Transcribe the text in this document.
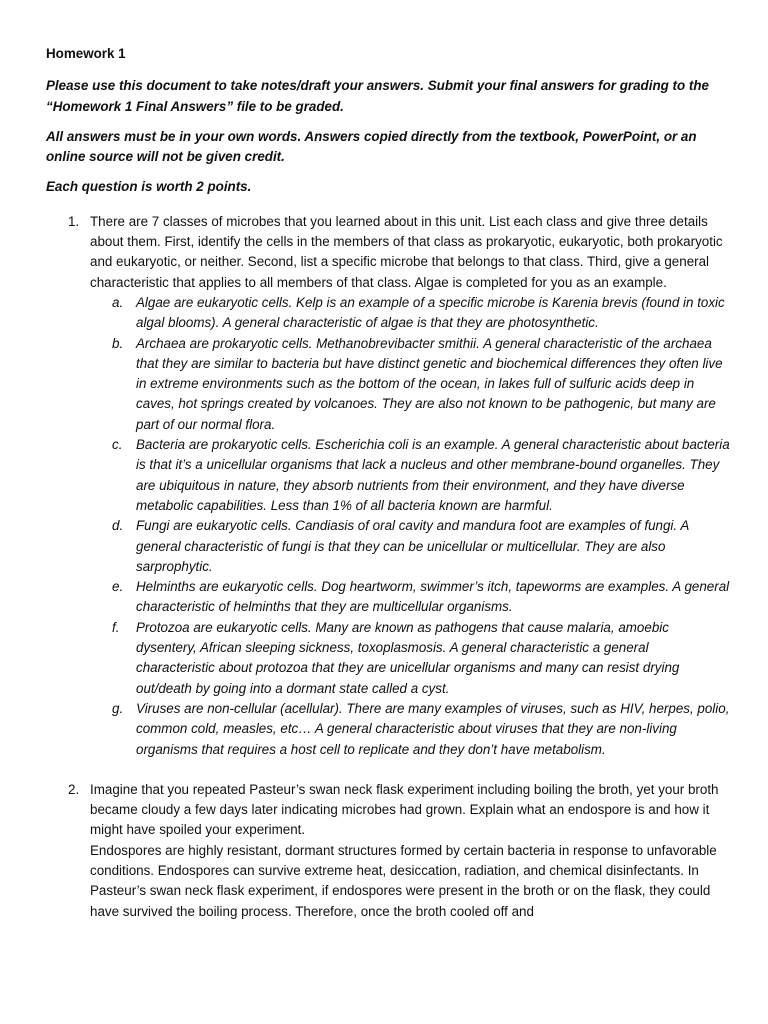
Homework 1

Please use this document to take notes/draft your answers. Submit your final answers for grading to the “Homework 1 Final Answers” file to be graded.

All answers must be in your own words. Answers copied directly from the textbook, PowerPoint, or an online source will not be given credit.

Each question is worth 2 points.

1. There are 7 classes of microbes that you learned about in this unit. List each class and give three details about them. First, identify the cells in the members of that class as prokaryotic, eukaryotic, both prokaryotic and eukaryotic, or neither. Second, list a specific microbe that belongs to that class. Third, give a general characteristic that applies to all members of that class. Algae is completed for you as an example.
a. Algae are eukaryotic cells. Kelp is an example of a specific microbe is Karenia brevis (found in toxic algal blooms). A general characteristic of algae is that they are photosynthetic.
b. Archaea are prokaryotic cells. Methanobrevibacter smithii. A general characteristic of the archaea that they are similar to bacteria but have distinct genetic and biochemical differences they often live in extreme environments such as the bottom of the ocean, in lakes full of sulfuric acids deep in caves, hot springs created by volcanoes. They are also not known to be pathogenic, but many are part of our normal flora.
c. Bacteria are prokaryotic cells. Escherichia coli is an example. A general characteristic about bacteria is that it’s a unicellular organisms that lack a nucleus and other membrane-bound organelles. They are ubiquitous in nature, they absorb nutrients from their environment, and they have diverse metabolic capabilities. Less than 1% of all bacteria known are harmful.
d. Fungi are eukaryotic cells. Candiasis of oral cavity and mandura foot are examples of fungi. A general characteristic of fungi is that they can be unicellular or multicellular. They are also sarprophytic.
e. Helminths are eukaryotic cells. Dog heartworm, swimmer’s itch, tapeworms are examples. A general characteristic of helminths that they are multicellular organisms.
f. Protozoa are eukaryotic cells. Many are known as pathogens that cause malaria, amoebic dysentery, African sleeping sickness, toxoplasmosis. A general characteristic a general characteristic about protozoa that they are unicellular organisms and many can resist drying out/death by going into a dormant state called a cyst.
g. Viruses are non-cellular (acellular). There are many examples of viruses, such as HIV, herpes, polio, common cold, measles, etc… A general characteristic about viruses that they are non-living organisms that requires a host cell to replicate and they don’t have metabolism.
2. Imagine that you repeated Pasteur’s swan neck flask experiment including boiling the broth, yet your broth became cloudy a few days later indicating microbes had grown. Explain what an endospore is and how it might have spoiled your experiment.

Endospores are highly resistant, dormant structures formed by certain bacteria in response to unfavorable conditions. Endospores can survive extreme heat, desiccation, radiation, and chemical disinfectants. In Pasteur’s swan neck flask experiment, if endospores were present in the broth or on the flask, they could have survived the boiling process. Therefore, once the broth cooled off and
